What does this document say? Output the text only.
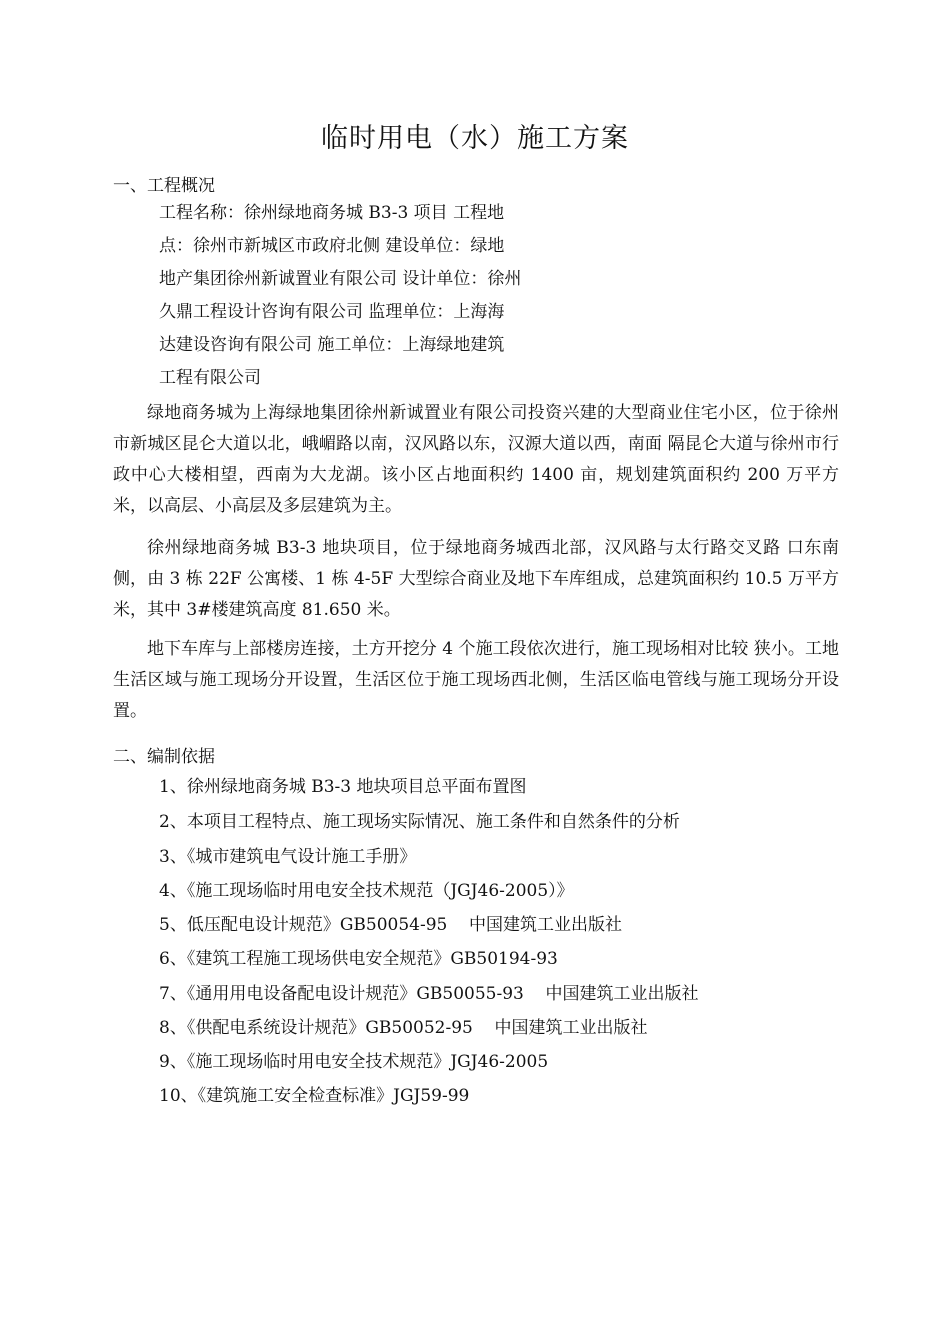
临时用电（水）施工方案
一、工程概况
工程名称：徐州绿地商务城 B3-3 项目 工程地
点：徐州市新城区市政府北侧 建设单位：绿地
地产集团徐州新诚置业有限公司 设计单位：徐州
久鼎工程设计咨询有限公司 监理单位：上海海
达建设咨询有限公司 施工单位：上海绿地建筑
工程有限公司
绿地商务城为上海绿地集团徐州新诚置业有限公司投资兴建的大型商业住宅小区，位于徐州市新城区昆仑大道以北，峨嵋路以南，汉风路以东，汉源大道以西，南面 隔昆仑大道与徐州市行政中心大楼相望，西南为大龙湖。该小区占地面积约 1400 亩，规划建筑面积约 200 万平方米，以高层、小高层及多层建筑为主。
徐州绿地商务城 B3-3 地块项目，位于绿地商务城西北部，汉风路与太行路交叉路 口东南侧，由 3 栋 22F 公寓楼、1 栋 4-5F 大型综合商业及地下车库组成，总建筑面积约 10.5 万平方米，其中 3#楼建筑高度 81.650 米。
地下车库与上部楼房连接，土方开挖分 4 个施工段依次进行，施工现场相对比较 狭小。工地生活区域与施工现场分开设置，生活区位于施工现场西北侧，生活区临电管线与施工现场分开设置。
二、编制依据
1、徐州绿地商务城 B3-3 地块项目总平面布置图
2、本项目工程特点、施工现场实际情况、施工条件和自然条件的分析
3、《城市建筑电气设计施工手册》
4、《施工现场临时用电安全技术规范（JGJ46-2005）》
5、低压配电设计规范》GB50054-95    中国建筑工业出版社
6、《建筑工程施工现场供电安全规范》GB50194-93
7、《通用用电设备配电设计规范》GB50055-93    中国建筑工业出版社
8、《供配电系统设计规范》GB50052-95    中国建筑工业出版社
9、《施工现场临时用电安全技术规范》JGJ46-2005
10、《建筑施工安全检查标准》JGJ59-99
